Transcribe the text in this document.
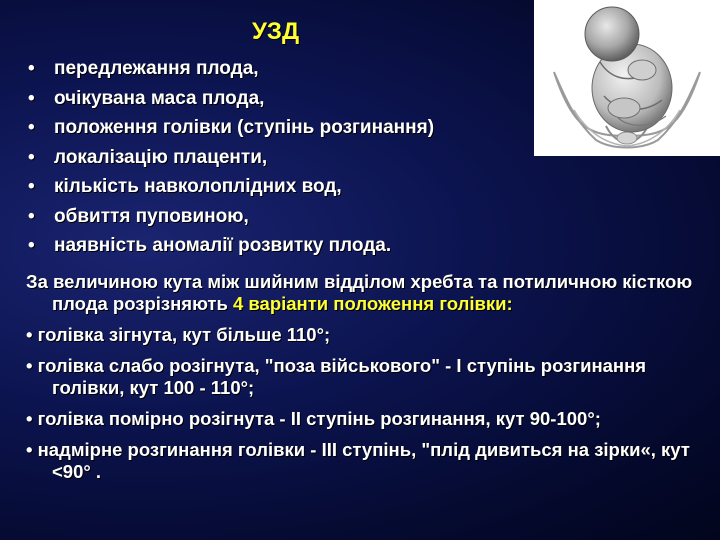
УЗД
• передлежання плода,
• очікувана маса плода,
• положення голівки (ступінь розгинання)
• локалізацію плаценти,
• кількість навколоплідних вод,
• обвиття пуповиною,
• наявність аномалії розвитку плода.

За величиною кута між шийним відділом хребта та потиличною кісткою плода розрізняють 4 варіанти положення голівки:

• голівка зігнута, кут більше 110°;

• голівка слабо розігнута, "поза військового" - І ступінь розгинання голівки, кут 100 - 110°;

• голівка помірно розігнута - ІІ ступінь розгинання, кут 90-100°;

• надмірне розгинання голівки - ІІІ ступінь, "плід дивиться на зірки«, кут <90° .
